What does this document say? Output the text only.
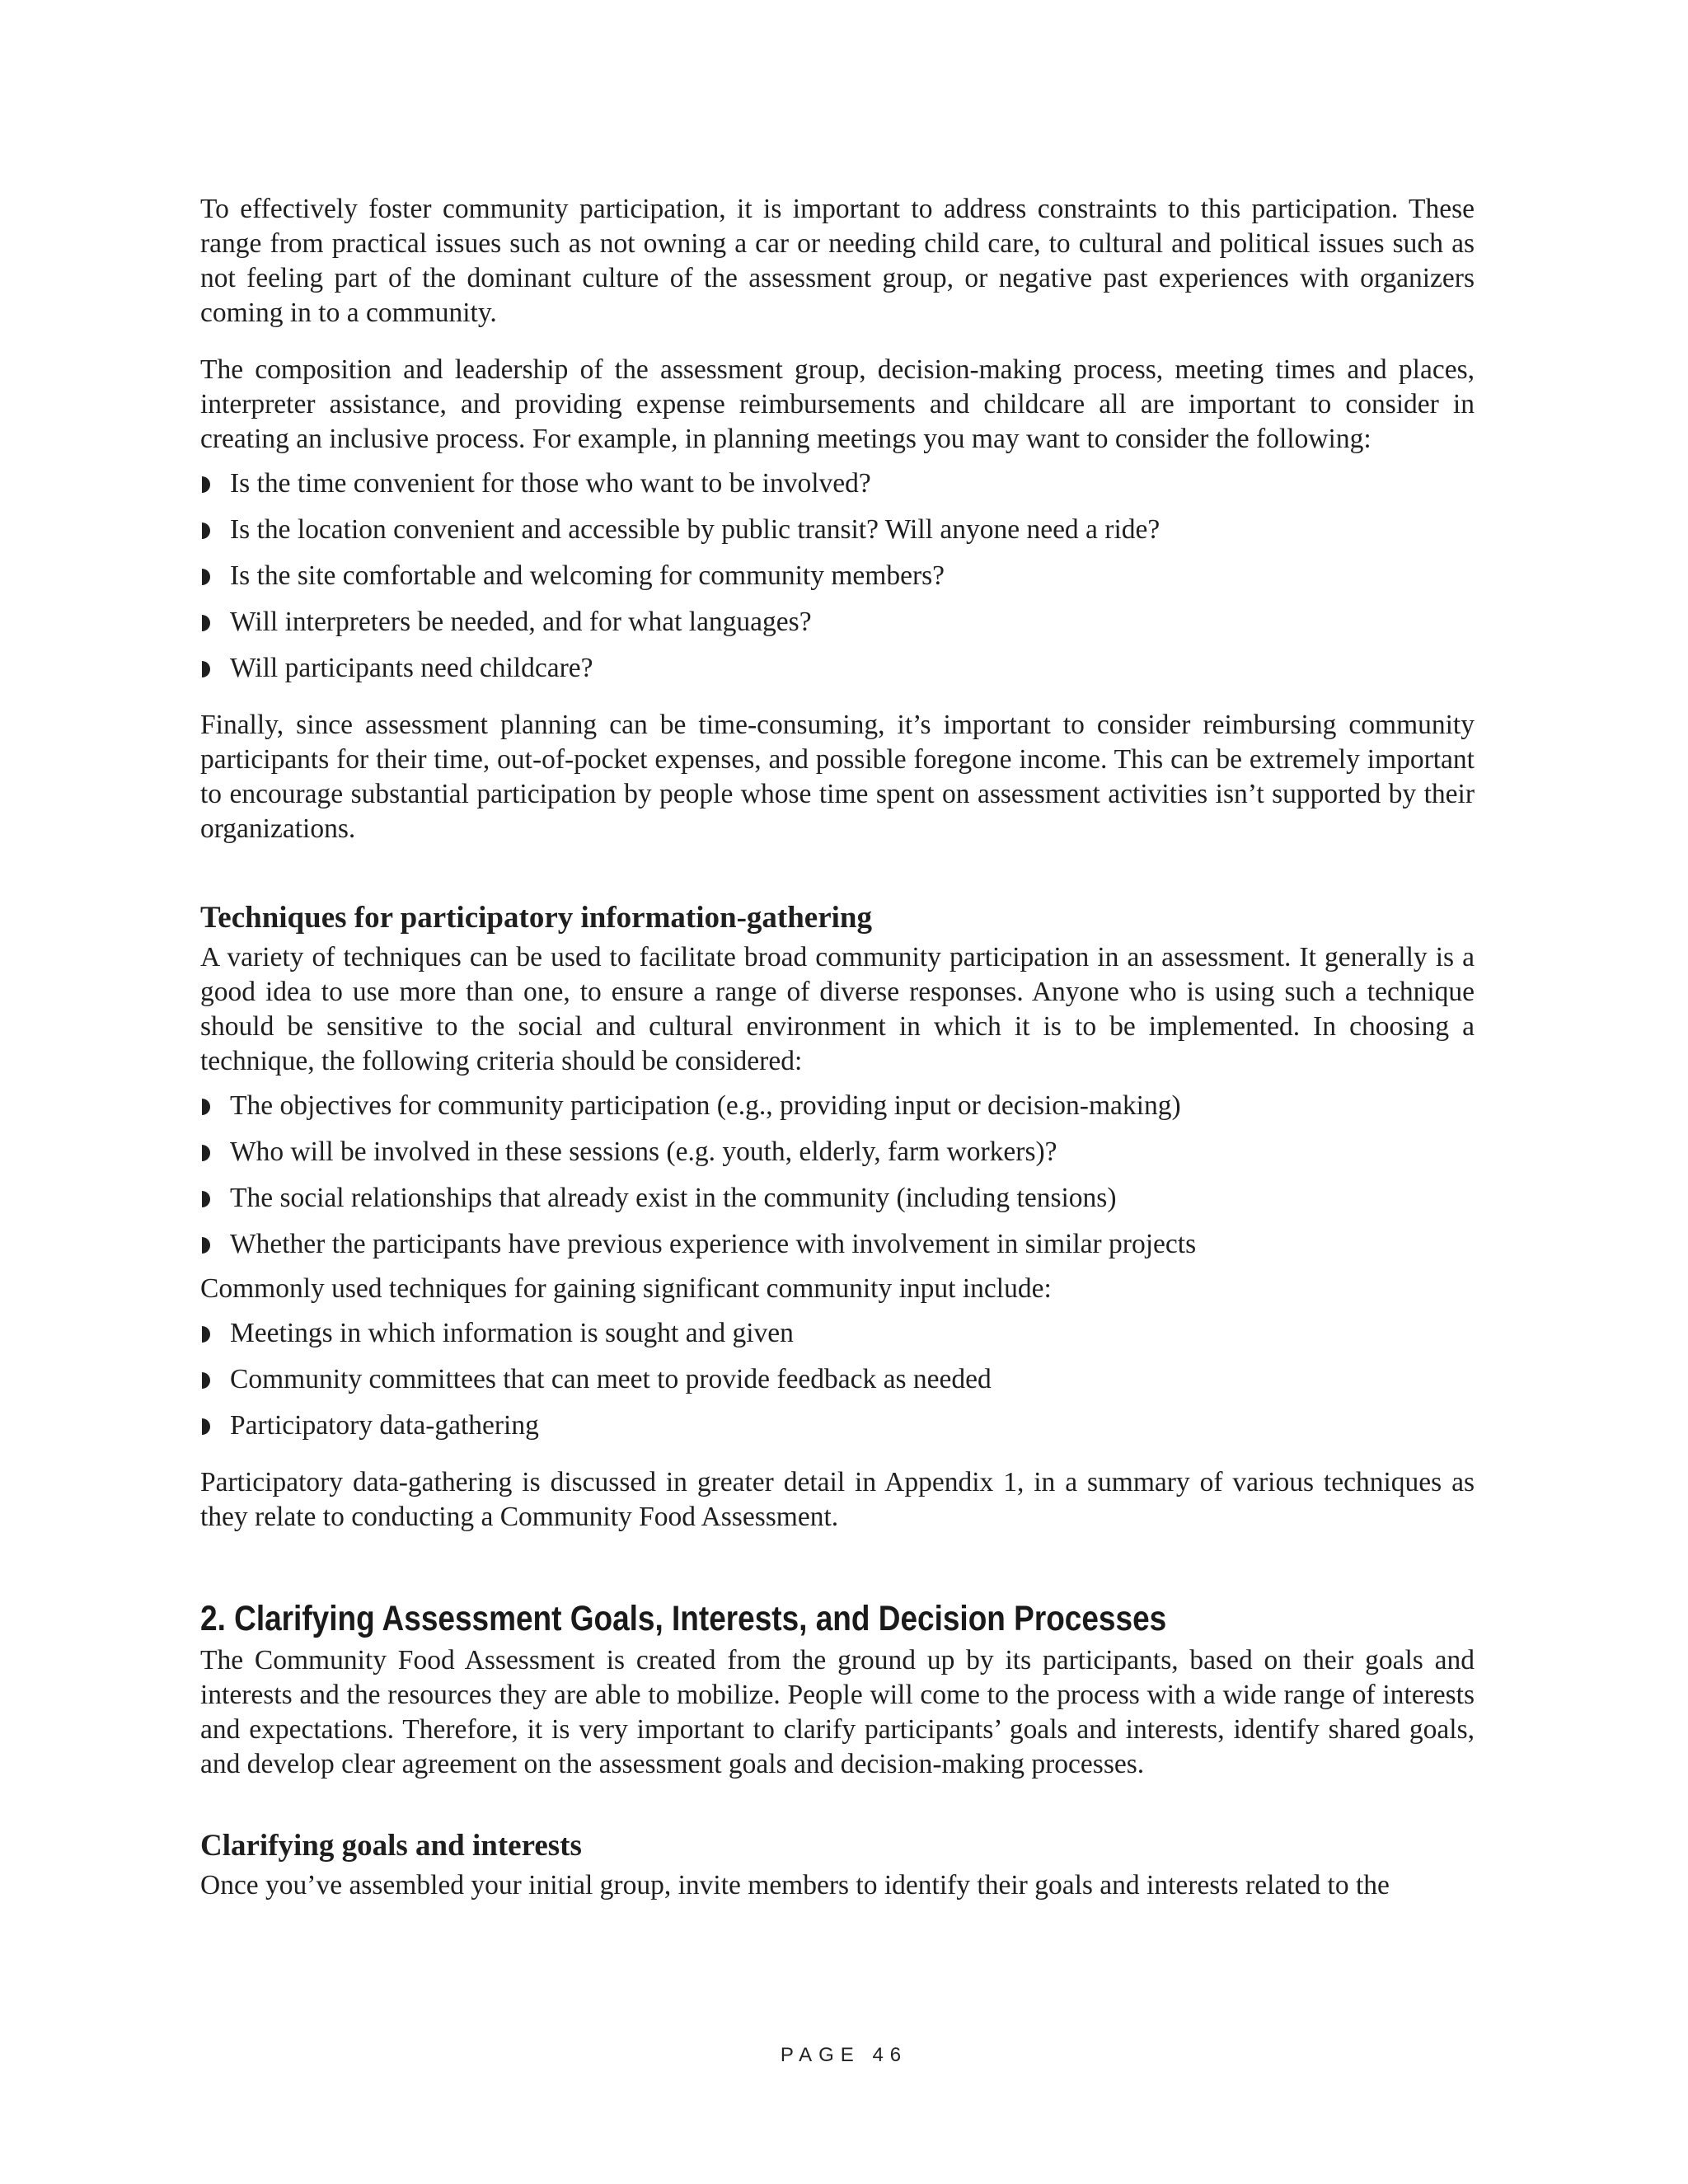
To effectively foster community participation, it is important to address constraints to this participation. These range from practical issues such as not owning a car or needing child care, to cultural and political issues such as not feeling part of the dominant culture of the assessment group, or negative past experiences with organizers coming in to a community.

The composition and leadership of the assessment group, decision-making process, meeting times and places, interpreter assistance, and providing expense reimbursements and childcare all are important to consider in creating an inclusive process. For example, in planning meetings you may want to consider the following:

Is the time convenient for those who want to be involved?
Is the location convenient and accessible by public transit? Will anyone need a ride?
Is the site comfortable and welcoming for community members?
Will interpreters be needed, and for what languages?
Will participants need childcare?

Finally, since assessment planning can be time-consuming, it’s important to consider reimbursing community participants for their time, out-of-pocket expenses, and possible foregone income. This can be extremely important to encourage substantial participation by people whose time spent on assessment activities isn’t supported by their organizations.

Techniques for participatory information-gathering

A variety of techniques can be used to facilitate broad community participation in an assessment. It generally is a good idea to use more than one, to ensure a range of diverse responses. Anyone who is using such a technique should be sensitive to the social and cultural environment in which it is to be implemented. In choosing a technique, the following criteria should be considered:

The objectives for community participation (e.g., providing input or decision-making)
Who will be involved in these sessions (e.g. youth, elderly, farm workers)?
The social relationships that already exist in the community (including tensions)
Whether the participants have previous experience with involvement in similar projects

Commonly used techniques for gaining significant community input include:

Meetings in which information is sought and given
Community committees that can meet to provide feedback as needed
Participatory data-gathering

Participatory data-gathering is discussed in greater detail in Appendix 1, in a summary of various techniques as they relate to conducting a Community Food Assessment.

2. Clarifying Assessment Goals, Interests, and Decision Processes

The Community Food Assessment is created from the ground up by its participants, based on their goals and interests and the resources they are able to mobilize. People will come to the process with a wide range of interests and expectations. Therefore, it is very important to clarify participants’ goals and interests, identify shared goals, and develop clear agreement on the assessment goals and decision-making processes.

Clarifying goals and interests

Once you’ve assembled your initial group, invite members to identify their goals and interests related to the

PAGE 46
